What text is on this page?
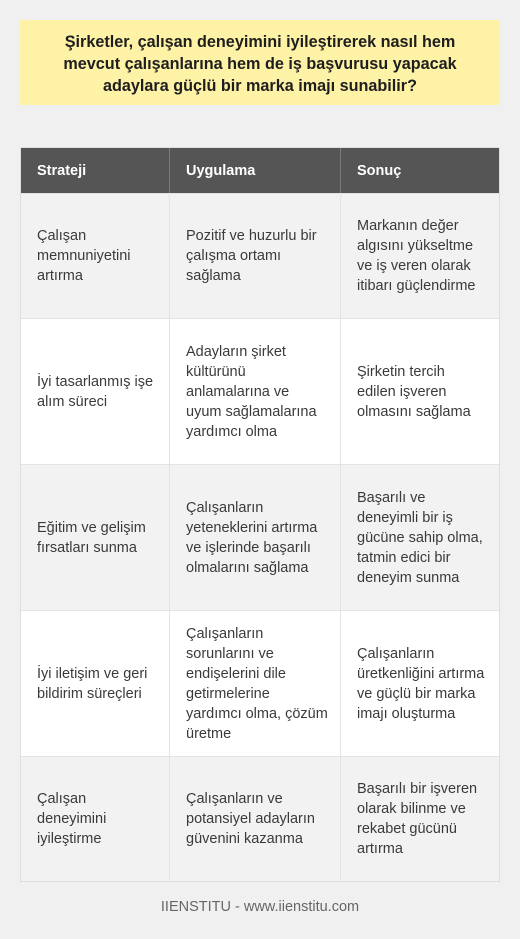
Şirketler, çalışan deneyimini iyileştirerek nasıl hem mevcut çalışanlarına hem de iş başvurusu yapacak adaylara güçlü bir marka imajı sunabilir?
Strateji	Uygulama	Sonuç
Çalışan memnuniyetini artırma
Pozitif ve huzurlu bir çalışma ortamı sağlama
Markanın değer algısını yükseltme ve iş veren olarak itibarı güçlendirme
İyi tasarlanmış işe alım süreci
Adayların şirket kültürünü anlamalarına ve uyum sağlamalarına yardımcı olma
Şirketin tercih edilen işveren olmasını sağlama
Eğitim ve gelişim fırsatları sunma
Çalışanların yeteneklerini artırma ve işlerinde başarılı olmalarını sağlama
Başarılı ve deneyimli bir iş gücüne sahip olma, tatmin edici bir deneyim sunma
İyi iletişim ve geri bildirim süreçleri
Çalışanların sorunlarını ve endişelerini dile getirmelerine yardımcı olma, çözüm üretme
Çalışanların üretkenliğini artırma ve güçlü bir marka imajı oluşturma
Çalışan deneyimini iyileştirme
Çalışanların ve potansiyel adayların güvenini kazanma
Başarılı bir işveren olarak bilinme ve rekabet gücünü artırma
IIENSTITU - www.iienstitu.com
